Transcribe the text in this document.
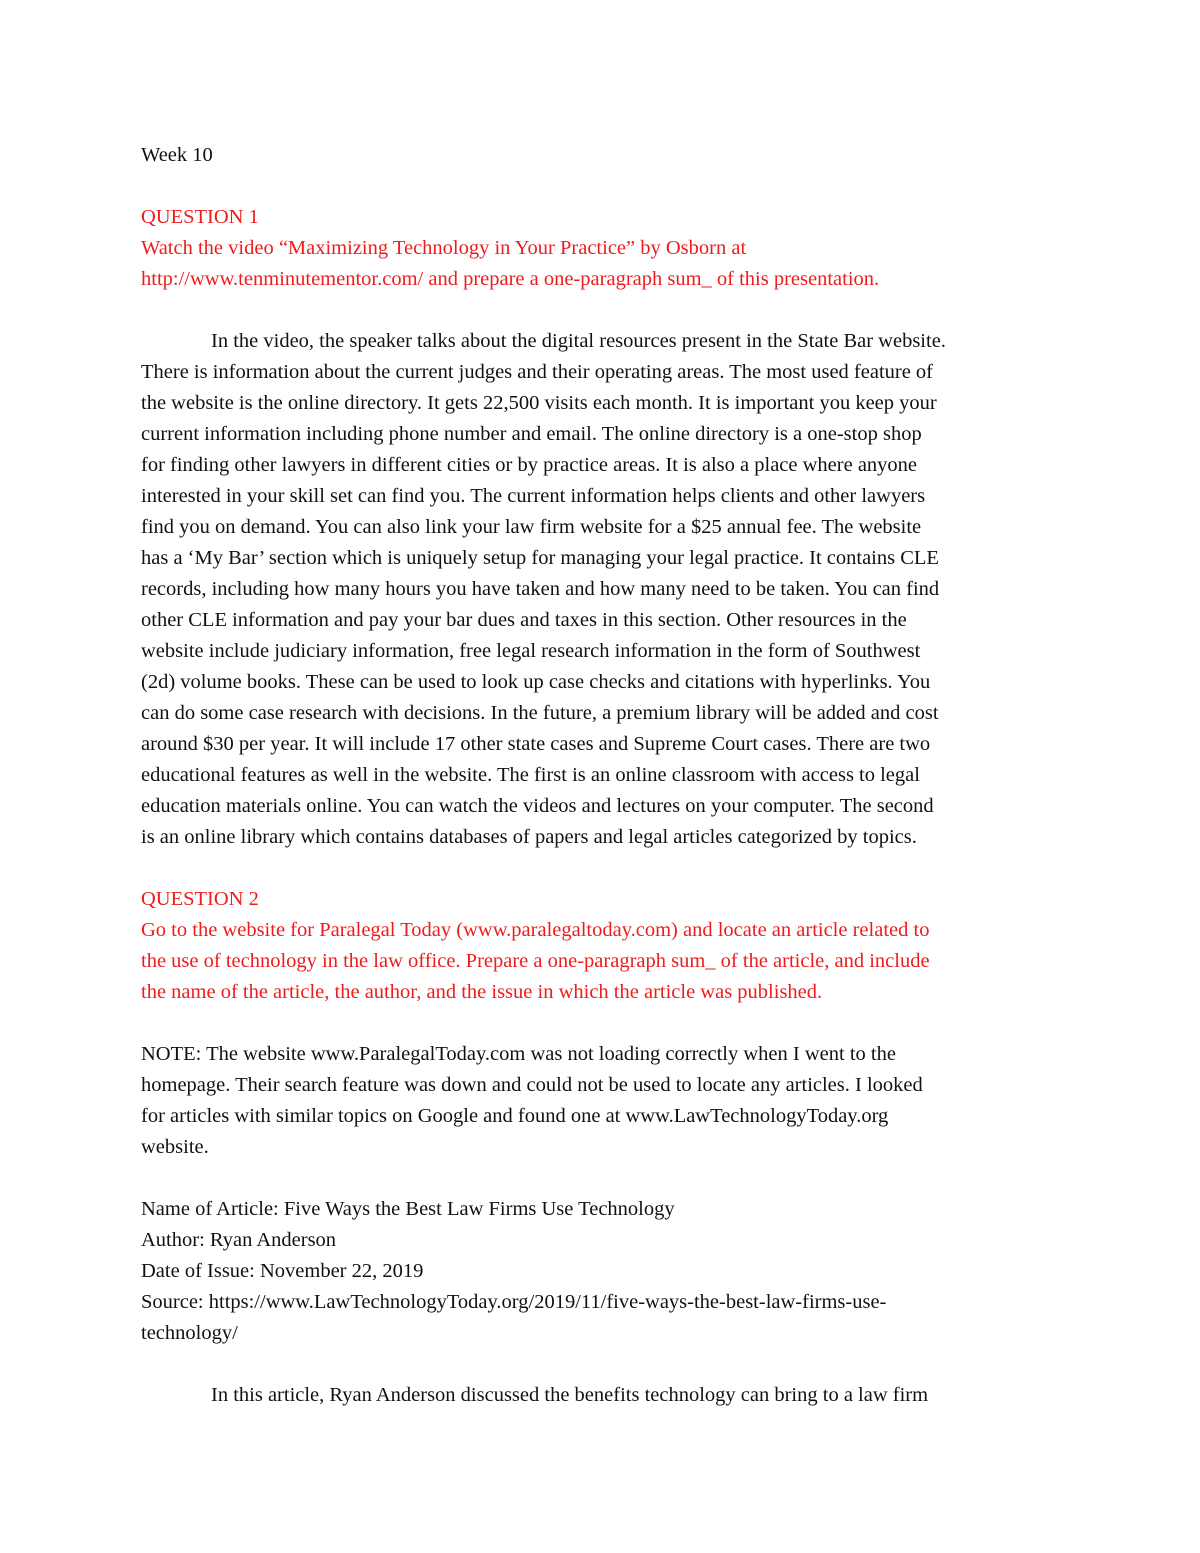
Week 10

QUESTION 1

Watch the video “Maximizing Technology in Your Practice” by Osborn at
http://www.tenminutementor.com/ and prepare a one-paragraph sum_ of this presentation.
In the video, the speaker talks about the digital resources present in the State Bar website.
There is information about the current judges and their operating areas. The most used feature of
the website is the online directory. It gets 22,500 visits each month. It is important you keep your
current information including phone number and email. The online directory is a one-stop shop
for finding other lawyers in different cities or by practice areas. It is also a place where anyone
interested in your skill set can find you. The current information helps clients and other lawyers
find you on demand. You can also link your law firm website for a $25 annual fee. The website
has a ‘My Bar’ section which is uniquely setup for managing your legal practice. It contains CLE
records, including how many hours you have taken and how many need to be taken. You can find
other CLE information and pay your bar dues and taxes in this section. Other resources in the
website include judiciary information, free legal research information in the form of Southwest
(2d) volume books. These can be used to look up case checks and citations with hyperlinks. You
can do some case research with decisions. In the future, a premium library will be added and cost
around $30 per year. It will include 17 other state cases and Supreme Court cases. There are two
educational features as well in the website. The first is an online classroom with access to legal
education materials online. You can watch the videos and lectures on your computer. The second
is an online library which contains databases of papers and legal articles categorized by topics.

QUESTION 2

Go to the website for Paralegal Today (www.paralegaltoday.com) and locate an article related to
the use of technology in the law office. Prepare a one-paragraph sum_ of the article, and include
the name of the article, the author, and the issue in which the article was published.
NOTE: The website www.ParalegalToday.com was not loading correctly when I went to the
homepage. Their search feature was down and could not be used to locate any articles. I looked
for articles with similar topics on Google and found one at www.LawTechnologyToday.org
website.
Name of Article: Five Ways the Best Law Firms Use Technology
Author: Ryan Anderson
Date of Issue: November 22, 2019
Source: https://www.LawTechnologyToday.org/2019/11/five-ways-the-best-law-firms-use-
technology/
In this article, Ryan Anderson discussed the benefits technology can bring to a law firm
